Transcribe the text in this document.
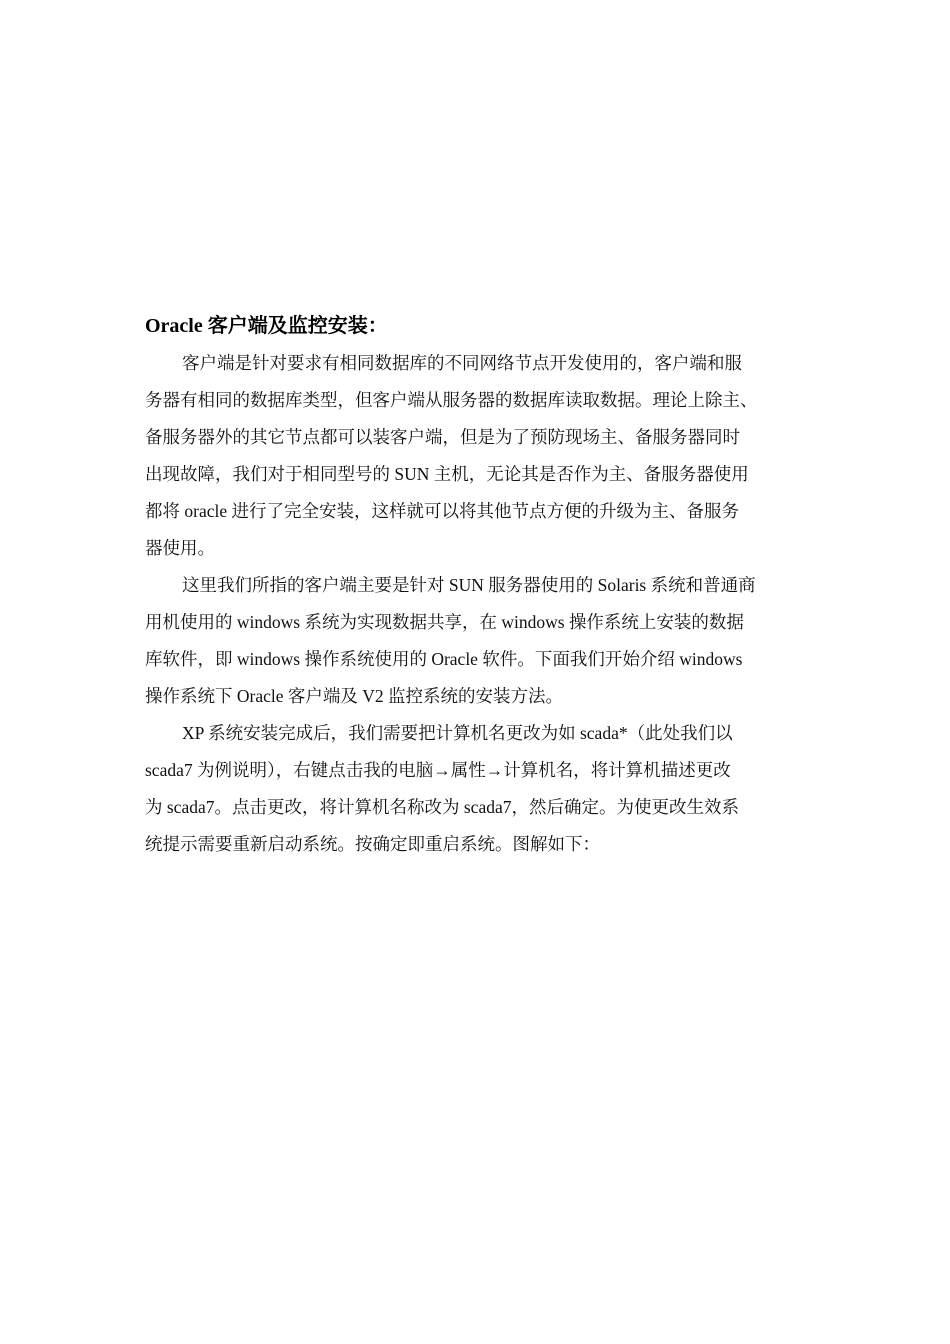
Oracle 客户端及监控安装：
客户端是针对要求有相同数据库的不同网络节点开发使用的，客户端和服
务器有相同的数据库类型，但客户端从服务器的数据库读取数据。理论上除主、
备服务器外的其它节点都可以装客户端，但是为了预防现场主、备服务器同时
出现故障，我们对于相同型号的 SUN 主机，无论其是否作为主、备服务器使用
都将 oracle 进行了完全安装，这样就可以将其他节点方便的升级为主、备服务
器使用。
这里我们所指的客户端主要是针对 SUN 服务器使用的 Solaris 系统和普通商
用机使用的 windows 系统为实现数据共享，在 windows 操作系统上安装的数据
库软件，即 windows 操作系统使用的 Oracle 软件。下面我们开始介绍 windows
操作系统下 Oracle 客户端及 V2 监控系统的安装方法。
XP 系统安装完成后，我们需要把计算机名更改为如 scada*（此处我们以
scada7 为例说明），右键点击我的电脑→属性→计算机名，将计算机描述更改
为 scada7。点击更改，将计算机名称改为 scada7，然后确定。为使更改生效系
统提示需要重新启动系统。按确定即重启系统。图解如下：
